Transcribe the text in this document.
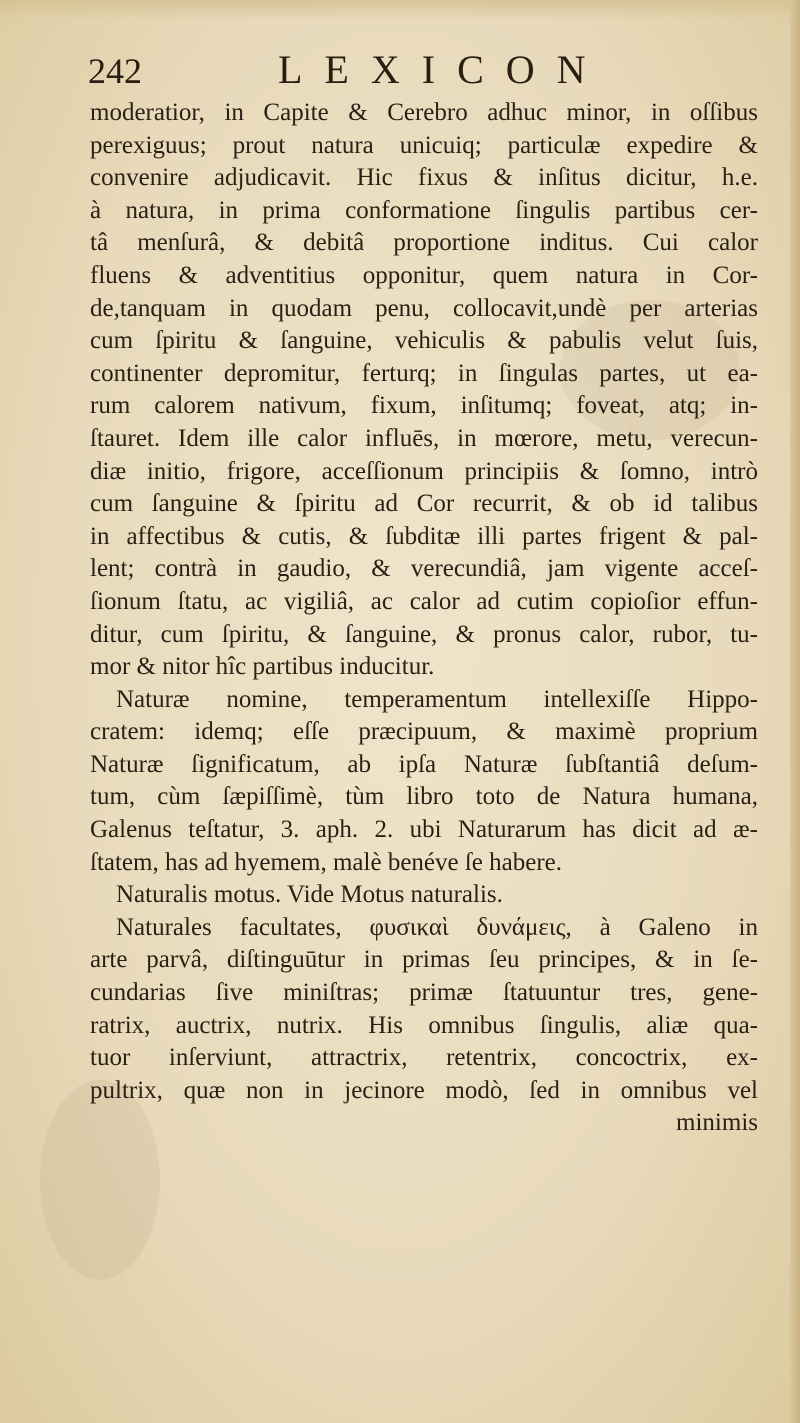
242	LEXICON
moderatior, in Capite & Cerebro adhuc minor, in oſſibus
perexiguus; prout natura unicuiq; particulæ expedire &
convenire adjudicavit. Hic fixus & inſitus dicitur, h.e.
à natura, in prima conformatione ſingulis partibus cer-
tâ menſurâ, & debitâ proportione inditus. Cui calor
fluens & adventitius opponitur, quem natura in Cor-
de,tanquam in quodam penu, collocavit,undè per arterias
cum ſpiritu & ſanguine, vehiculis & pabulis velut ſuis,
continenter depromitur, ferturq; in ſingulas partes, ut ea-
rum calorem nativum, fixum, inſitumq; foveat, atq; in-
ſtauret. Idem ille calor influēs, in mœrore, metu, verecun-
diæ initio, frigore, acceſſionum principiis & ſomno, intrò
cum ſanguine & ſpiritu ad Cor recurrit, & ob id talibus
in affectibus & cutis, & ſubditæ illi partes frigent & pal-
lent; contrà in gaudio, & verecundiâ, jam vigente acceſ-
ſionum ſtatu, ac vigiliâ, ac calor ad cutim copioſior effun-
ditur, cum ſpiritu, & ſanguine, & pronus calor, rubor, tu-
mor & nitor hîc partibus inducitur.
Naturæ nomine, temperamentum intellexiſſe Hippo-
cratem: idemq; eſſe præcipuum, & maximè proprium
Naturæ ſignificatum, ab ipſa Naturæ ſubſtantiâ deſum-
tum, cùm ſæpiſſimè, tùm libro toto de Natura humana,
Galenus teſtatur, 3. aph. 2. ubi Naturarum has dicit ad æ-
ſtatem, has ad hyemem, malè benéve ſe habere.
Naturalis motus. Vide Motus naturalis.
Naturales facultates, φυσικαὶ δυνάμεις, à Galeno in
arte parvâ, diſtinguūtur in primas ſeu principes, & in ſe-
cundarias ſive miniſtras; primæ ſtatuuntur tres, gene-
ratrix, auctrix, nutrix. His omnibus ſingulis, aliæ qua-
tuor inſerviunt, attractrix, retentrix, concoctrix, ex-
pultrix, quæ non in jecinore modò, ſed in omnibus vel
minimis
